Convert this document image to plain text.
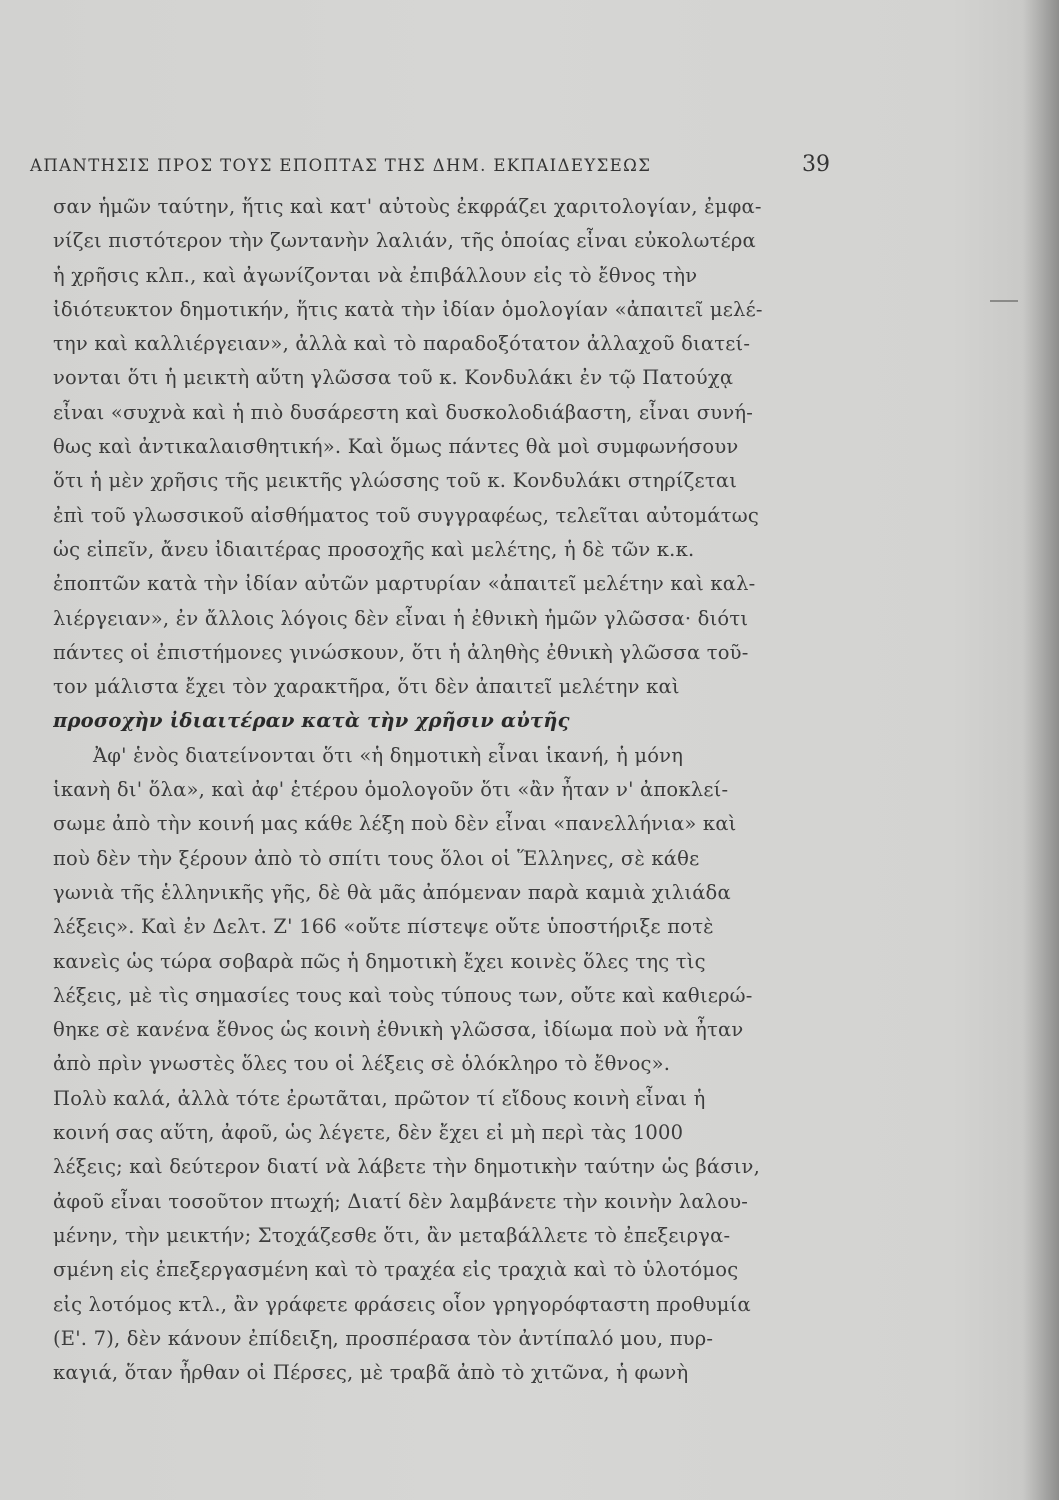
ΑΠΑΝΤΗΣΙΣ ΠΡΟΣ ΤΟΥΣ ΕΠΟΠΤΑΣ ΤΗΣ ΔΗΜ. ΕΚΠΑΙΔΕΥΣΕΩΣ	39
σαν ἡμῶν ταύτην, ἥτις καὶ κατ' αὐτοὺς ἐκφράζει χαριτολογίαν, ἐμφα-
νίζει πιστότερον τὴν ζωντανὴν λαλιάν, τῆς ὁποίας εἶναι εὐκολωτέρα
ἡ χρῆσις κλπ., καὶ ἀγωνίζονται νὰ ἐπιβάλλουν εἰς τὸ ἔθνος τὴν
ἰδιότευκτον δημοτικήν, ἥτις κατὰ τὴν ἰδίαν ὁμολογίαν «ἀπαιτεῖ μελέ-
την καὶ καλλιέργειαν», ἀλλὰ καὶ τὸ παραδοξότατον ἀλλαχοῦ διατεί-
νονται ὅτι ἡ μεικτὴ αὕτη γλῶσσα τοῦ κ. Κονδυλάκι ἐν τῷ Πατούχᾳ
εἶναι «συχνὰ καὶ ἡ πιὸ δυσάρεστη καὶ δυσκολοδιάβαστη, εἶναι συνή-
θως καὶ ἀντικαλαισθητική». Καὶ ὅμως πάντες θὰ μοὶ συμφωνήσουν
ὅτι ἡ μὲν χρῆσις τῆς μεικτῆς γλώσσης τοῦ κ. Κονδυλάκι στηρίζεται
ἐπὶ τοῦ γλωσσικοῦ αἰσθήματος τοῦ συγγραφέως, τελεῖται αὐτομάτως
ὡς εἰπεῖν, ἄνευ ἰδιαιτέρας προσοχῆς καὶ μελέτης, ἡ δὲ τῶν κ.κ.
ἐποπτῶν κατὰ τὴν ἰδίαν αὐτῶν μαρτυρίαν «ἀπαιτεῖ μελέτην καὶ καλ-
λιέργειαν», ἐν ἄλλοις λόγοις δὲν εἶναι ἡ ἐθνικὴ ἡμῶν γλῶσσα· διότι
πάντες οἱ ἐπιστήμονες γινώσκουν, ὅτι ἡ ἀληθὴς ἐθνικὴ γλῶσσα τοῦ-
τον μάλιστα ἔχει τὸν χαρακτῆρα, ὅτι δὲν ἀπαιτεῖ μελέτην καὶ
προσοχὴν ἰδιαιτέραν κατὰ τὴν χρῆσιν αὐτῆς
Ἀφ' ἑνὸς διατείνονται ὅτι «ἡ δημοτικὴ εἶναι ἱκανή, ἡ μόνη
ἱκανὴ δι' ὅλα», καὶ ἀφ' ἑτέρου ὁμολογοῦν ὅτι «ἂν ἦταν ν' ἀποκλεί-
σωμε ἀπὸ τὴν κοινή μας κάθε λέξη ποὺ δὲν εἶναι «πανελλήνια» καὶ
ποὺ δὲν τὴν ξέρουν ἀπὸ τὸ σπίτι τους ὅλοι οἱ Ἕλληνες, σὲ κάθε
γωνιὰ τῆς ἑλληνικῆς γῆς, δὲ θὰ μᾶς ἀπόμεναν παρὰ καμιὰ χιλιάδα
λέξεις». Καὶ ἐν Δελτ. Ζ' 166 «οὔτε πίστεψε οὔτε ὑποστήριξε ποτὲ
κανεὶς ὡς τώρα σοβαρὰ πῶς ἡ δημοτικὴ ἔχει κοινὲς ὅλες της τὶς
λέξεις, μὲ τὶς σημασίες τους καὶ τοὺς τύπους των, οὔτε καὶ καθιερώ-
θηκε σὲ κανένα ἔθνος ὡς κοινὴ ἐθνικὴ γλῶσσα, ἰδίωμα ποὺ νὰ ἦταν
ἀπὸ πρὶν γνωστὲς ὅλες του οἱ λέξεις σὲ ὁλόκληρο τὸ ἔθνος».
Πολὺ καλά, ἀλλὰ τότε ἐρωτᾶται, πρῶτον τί εἴδους κοινὴ εἶναι ἡ
κοινή σας αὕτη, ἀφοῦ, ὡς λέγετε, δὲν ἔχει εἰ μὴ περὶ τὰς 1000
λέξεις; καὶ δεύτερον διατί νὰ λάβετε τὴν δημοτικὴν ταύτην ὡς βάσιν,
ἀφοῦ εἶναι τοσοῦτον πτωχή; Διατί δὲν λαμβάνετε τὴν κοινὴν λαλου-
μένην, τὴν μεικτήν; Στοχάζεσθε ὅτι, ἂν μεταβάλλετε τὸ ἐπεξειργα-
σμένη εἰς ἐπεξεργασμένη καὶ τὸ τραχέα εἰς τραχιὰ καὶ τὸ ὑλοτόμος
εἰς λοτόμος κτλ., ἂν γράφετε φράσεις οἷον γρηγορόφταστη προθυμία
(Ε'. 7), δὲν κάνουν ἐπίδειξη, προσπέρασα τὸν ἀντίπαλό μου, πυρ-
καγιά, ὅταν ἦρθαν οἱ Πέρσες, μὲ τραβᾶ ἀπὸ τὸ χιτῶνα, ἡ φωνὴ
